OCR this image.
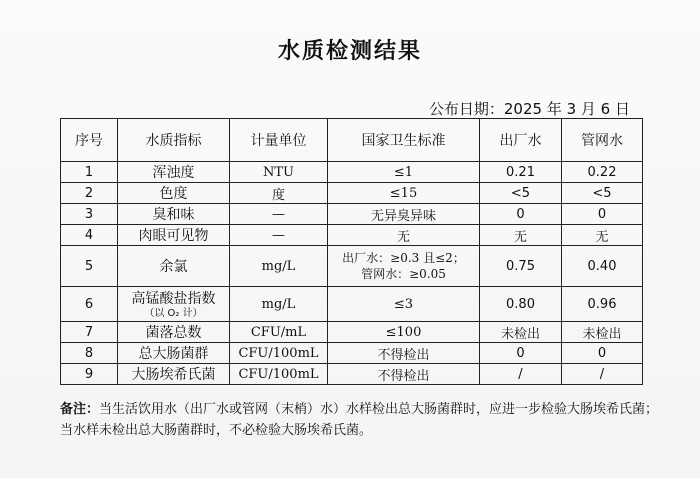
水质检测结果
公布日期：2025 年 3 月 6 日
序号	水质指标	计量单位	国家卫生标准	出厂水	管网水
1	浑浊度	NTU	≤1	0.21	0.22
2	色度	度	≤15	<5	<5
3	臭和味	—	无异臭异味	0	0
4	肉眼可见物	—	无	无	无
5	余氯	mg/L	出厂水：≥0.3 且≤2；
管网水：≥0.05	0.75	0.40
6	高锰酸盐指数
（以 O₂ 计）	mg/L	≤3	0.80	0.96
7	菌落总数	CFU/mL	≤100	未检出	未检出
8	总大肠菌群	CFU/100mL	不得检出	0	0
9	大肠埃希氏菌	CFU/100mL	不得检出	/	/
备注：当生活饮用水（出厂水或管网（末梢）水）水样检出总大肠菌群时，应进一步检验大肠埃希氏菌；当水样未检出总大肠菌群时，不必检验大肠埃希氏菌。
